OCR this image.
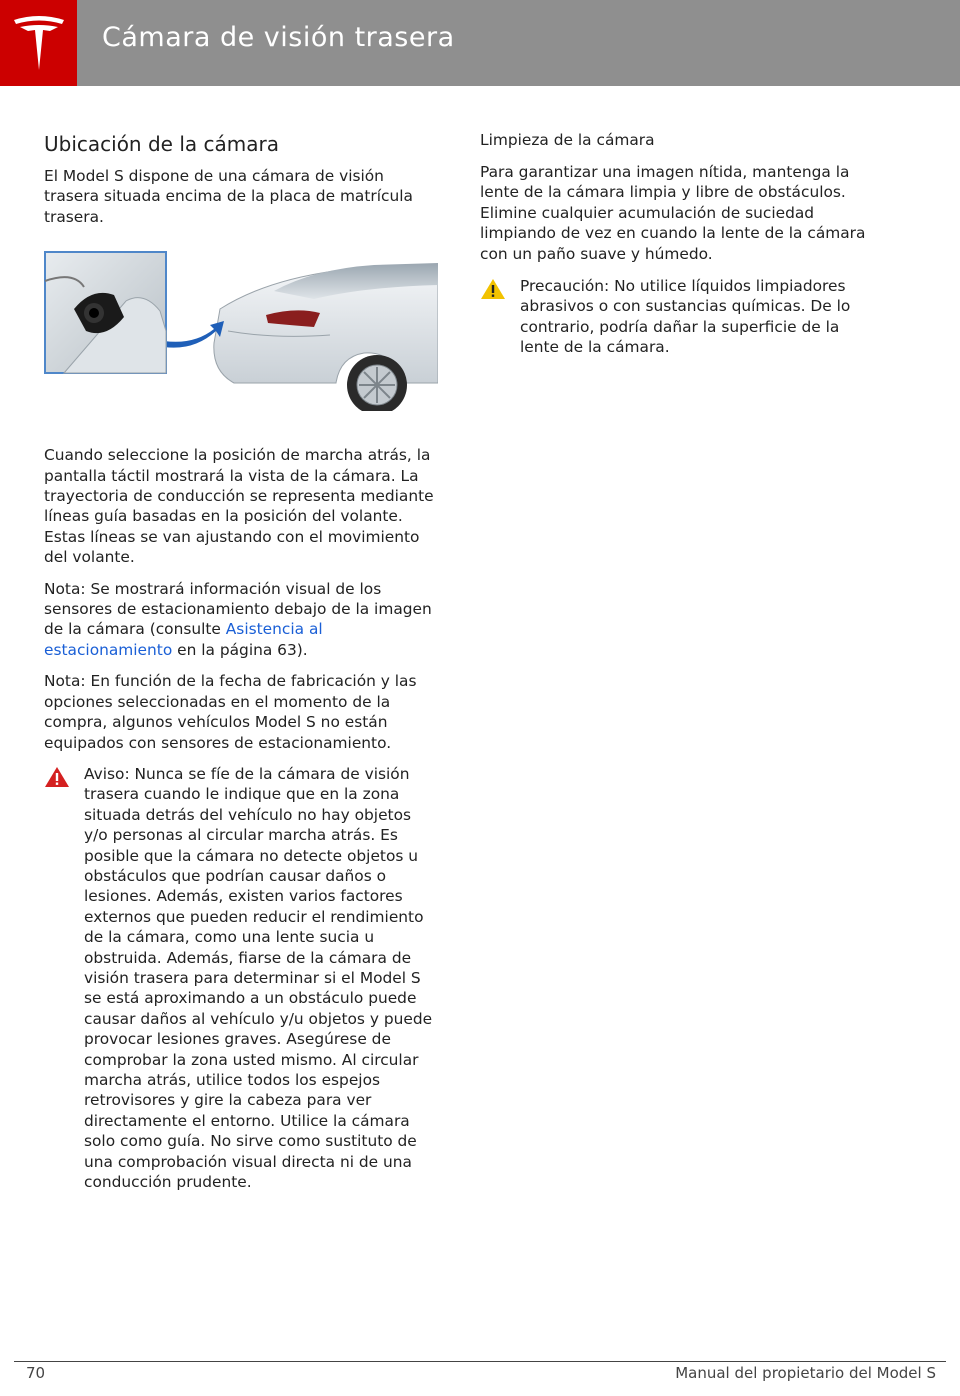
Cámara de visión trasera
Ubicación de la cámara

El Model S dispone de una cámara de visión trasera situada encima de la placa de matrícula trasera.

Cuando seleccione la posición de marcha atrás, la pantalla táctil mostrará la vista de la cámara. La trayectoria de conducción se representa mediante líneas guía basadas en la posición del volante. Estas líneas se van ajustando con el movimiento del volante.

Nota: Se mostrará información visual de los sensores de estacionamiento debajo de la imagen de la cámara (consulte Asistencia al estacionamiento en la página 63).

Nota: En función de la fecha de fabricación y las opciones seleccionadas en el momento de la compra, algunos vehículos Model S no están equipados con sensores de estacionamiento.

Aviso: Nunca se fíe de la cámara de visión trasera cuando le indique que en la zona situada detrás del vehículo no hay objetos y/o personas al circular marcha atrás. Es posible que la cámara no detecte objetos u obstáculos que podrían causar daños o lesiones. Además, existen varios factores externos que pueden reducir el rendimiento de la cámara, como una lente sucia u obstruida. Además, fiarse de la cámara de visión trasera para determinar si el Model S se está aproximando a un obstáculo puede causar daños al vehículo y/u objetos y puede provocar lesiones graves. Asegúrese de comprobar la zona usted mismo. Al circular marcha atrás, utilice todos los espejos retrovisores y gire la cabeza para ver directamente el entorno. Utilice la cámara solo como guía. No sirve como sustituto de una comprobación visual directa ni de una conducción prudente.

Limpieza de la cámara

Para garantizar una imagen nítida, mantenga la lente de la cámara limpia y libre de obstáculos. Elimine cualquier acumulación de suciedad limpiando de vez en cuando la lente de la cámara con un paño suave y húmedo.

Precaución: No utilice líquidos limpiadores abrasivos o con sustancias químicas. De lo contrario, podría dañar la superficie de la lente de la cámara.

70	Manual del propietario del Model S
